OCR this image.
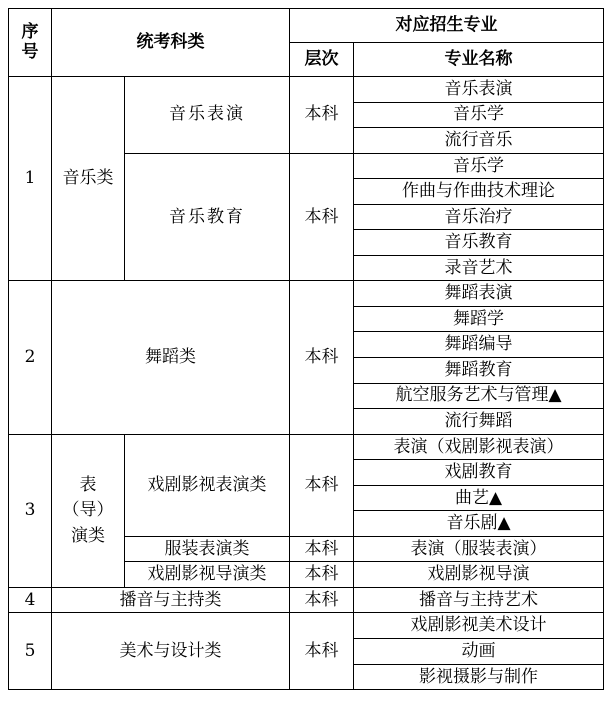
序号	统考科类		对应招生专业	
			层次	专业名称
1	音乐类	音乐表演	本科	音乐表演
				音乐学
				流行音乐
		音乐教育	本科	音乐学
				作曲与作曲技术理论
				音乐治疗
				音乐教育
				录音艺术
2	舞蹈类		本科	舞蹈表演
				舞蹈学
				舞蹈编导
				舞蹈教育
				航空服务艺术与管理▲
				流行舞蹈
3	表（导）演类	戏剧影视表演类	本科	表演（戏剧影视表演）
				戏剧教育
				曲艺▲
				音乐剧▲
		服装表演类	本科	表演（服装表演）
		戏剧影视导演类	本科	戏剧影视导演
4	播音与主持类		本科	播音与主持艺术
5	美术与设计类		本科	戏剧影视美术设计
				动画
				影视摄影与制作
